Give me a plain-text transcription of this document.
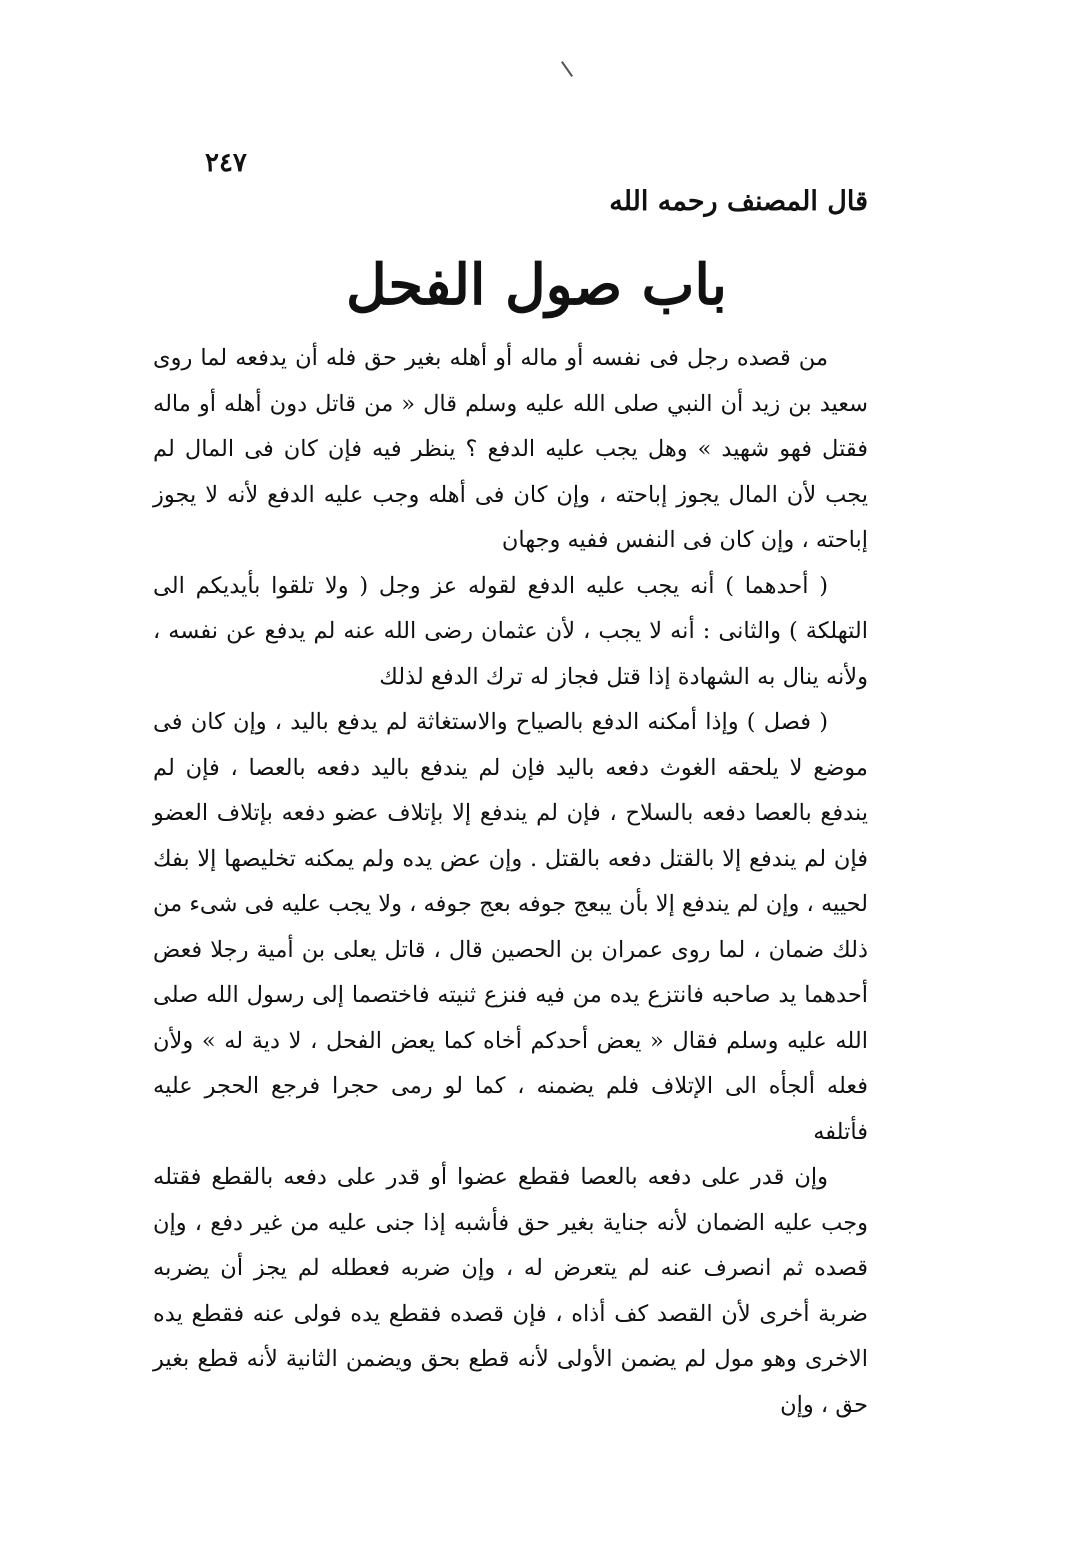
٢٤٧
قال المصنف رحمه الله
باب صول الفحل

من قصده رجل فى نفسه أو ماله أو أهله بغير حق فله أن يدفعه لما روى سعيد بن زيد أن النبي صلى الله عليه وسلم قال « من قاتل دون أهله أو ماله فقتل فهو شهيد » وهل يجب عليه الدفع ؟ ينظر فيه فإن كان فى المال لم يجب لأن المال يجوز إباحته ، وإن كان فى أهله وجب عليه الدفع لأنه لا يجوز إباحته ، وإن كان فى النفس ففيه وجهان

( أحدهما ) أنه يجب عليه الدفع لقوله عز وجل ( ولا تلقوا بأيديكم الى التهلكة ) والثانى : أنه لا يجب ، لأن عثمان رضى الله عنه لم يدفع عن نفسه ، ولأنه ينال به الشهادة إذا قتل فجاز له ترك الدفع لذلك

( فصل ) وإذا أمكنه الدفع بالصياح والاستغاثة لم يدفع باليد ، وإن كان فى موضع لا يلحقه الغوث دفعه باليد فإن لم يندفع باليد دفعه بالعصا ، فإن لم يندفع بالعصا دفعه بالسلاح ، فإن لم يندفع إلا بإتلاف عضو دفعه بإتلاف العضو فإن لم يندفع إلا بالقتل دفعه بالقتل . وإن عض يده ولم يمكنه تخليصها إلا بفك لحييه ، وإن لم يندفع إلا بأن يبعج جوفه بعج جوفه ، ولا يجب عليه فى شىء من ذلك ضمان ، لما روى عمران بن الحصين قال ، قاتل يعلى بن أمية رجلا فعض أحدهما يد صاحبه فانتزع يده من فيه فنزع ثنيته فاختصما إلى رسول الله صلى الله عليه وسلم فقال « يعض أحدكم أخاه كما يعض الفحل ، لا دية له » ولأن فعله ألجأه الى الإتلاف فلم يضمنه ، كما لو رمى حجرا فرجع الحجر عليه فأتلفه

وإن قدر على دفعه بالعصا فقطع عضوا أو قدر على دفعه بالقطع فقتله وجب عليه الضمان لأنه جناية بغير حق فأشبه إذا جنى عليه من غير دفع ، وإن قصده ثم انصرف عنه لم يتعرض له ، وإن ضربه فعطله لم يجز أن يضربه ضربة أخرى لأن القصد كف أذاه ، فإن قصده فقطع يده فولى عنه فقطع يده الاخرى وهو مول لم يضمن الأولى لأنه قطع بحق ويضمن الثانية لأنه قطع بغير حق ، وإن
